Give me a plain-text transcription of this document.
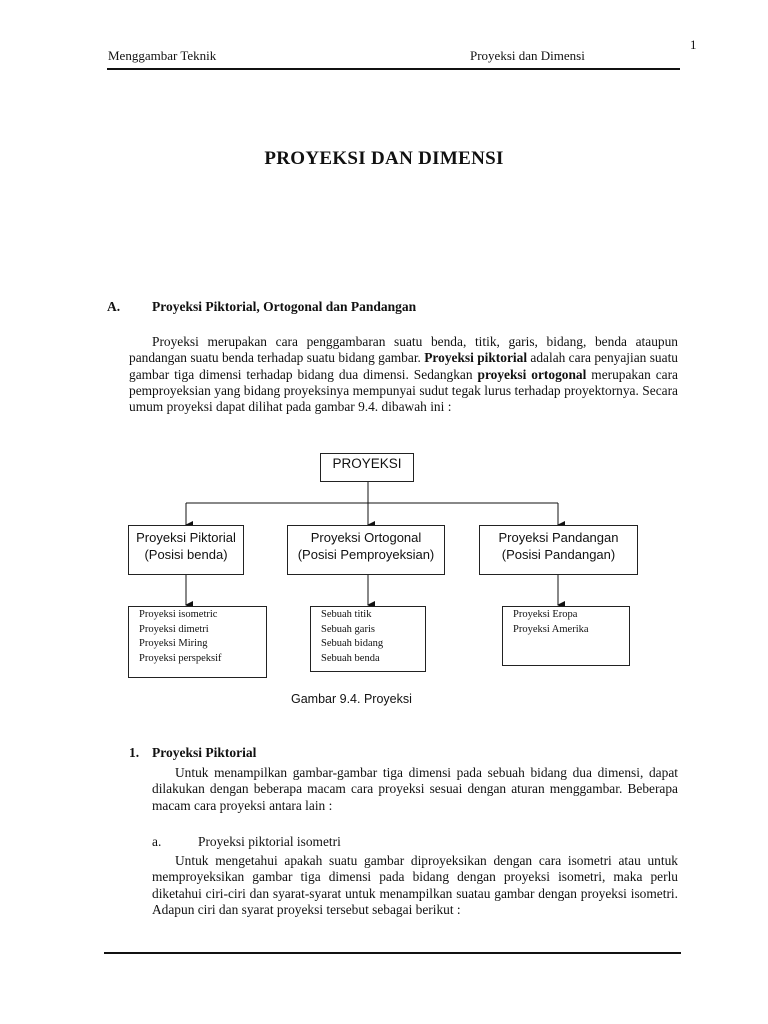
1
Menggambar Teknik	Proyeksi dan Dimensi
PROYEKSI DAN DIMENSI
A. Proyeksi Piktorial, Ortogonal dan Pandangan
Proyeksi merupakan cara penggambaran suatu benda, titik, garis, bidang, benda ataupun pandangan suatu benda terhadap suatu bidang gambar. Proyeksi piktorial adalah cara penyajian suatu gambar tiga dimensi terhadap bidang dua dimensi. Sedangkan proyeksi ortogonal merupakan cara pemproyeksian yang bidang proyeksinya mempunyai sudut tegak lurus terhadap proyektornya. Secara umum proyeksi dapat dilihat pada gambar 9.4. dibawah ini :
PROYEKSI
Proyeksi Piktorial
(Posisi benda)
Proyeksi Ortogonal
(Posisi Pemproyeksian)
Proyeksi Pandangan
(Posisi Pandangan)
Proyeksi isometric
Proyeksi dimetri
Proyeksi Miring
Proyeksi perspeksif
Sebuah titik
Sebuah garis
Sebuah bidang
Sebuah benda
Proyeksi Eropa
Proyeksi Amerika
Gambar 9.4. Proyeksi
1. Proyeksi Piktorial
Untuk menampilkan gambar-gambar tiga dimensi pada sebuah bidang dua dimensi, dapat dilakukan dengan beberapa macam cara proyeksi sesuai dengan aturan menggambar. Beberapa macam cara proyeksi antara lain :
a.	Proyeksi piktorial isometri
Untuk mengetahui apakah suatu gambar diproyeksikan dengan cara isometri atau untuk memproyeksikan gambar tiga dimensi pada bidang dengan proyeksi isometri, maka perlu diketahui ciri-ciri dan syarat-syarat untuk menampilkan suatau gambar dengan proyeksi isometri. Adapun ciri dan syarat proyeksi tersebut sebagai berikut :
